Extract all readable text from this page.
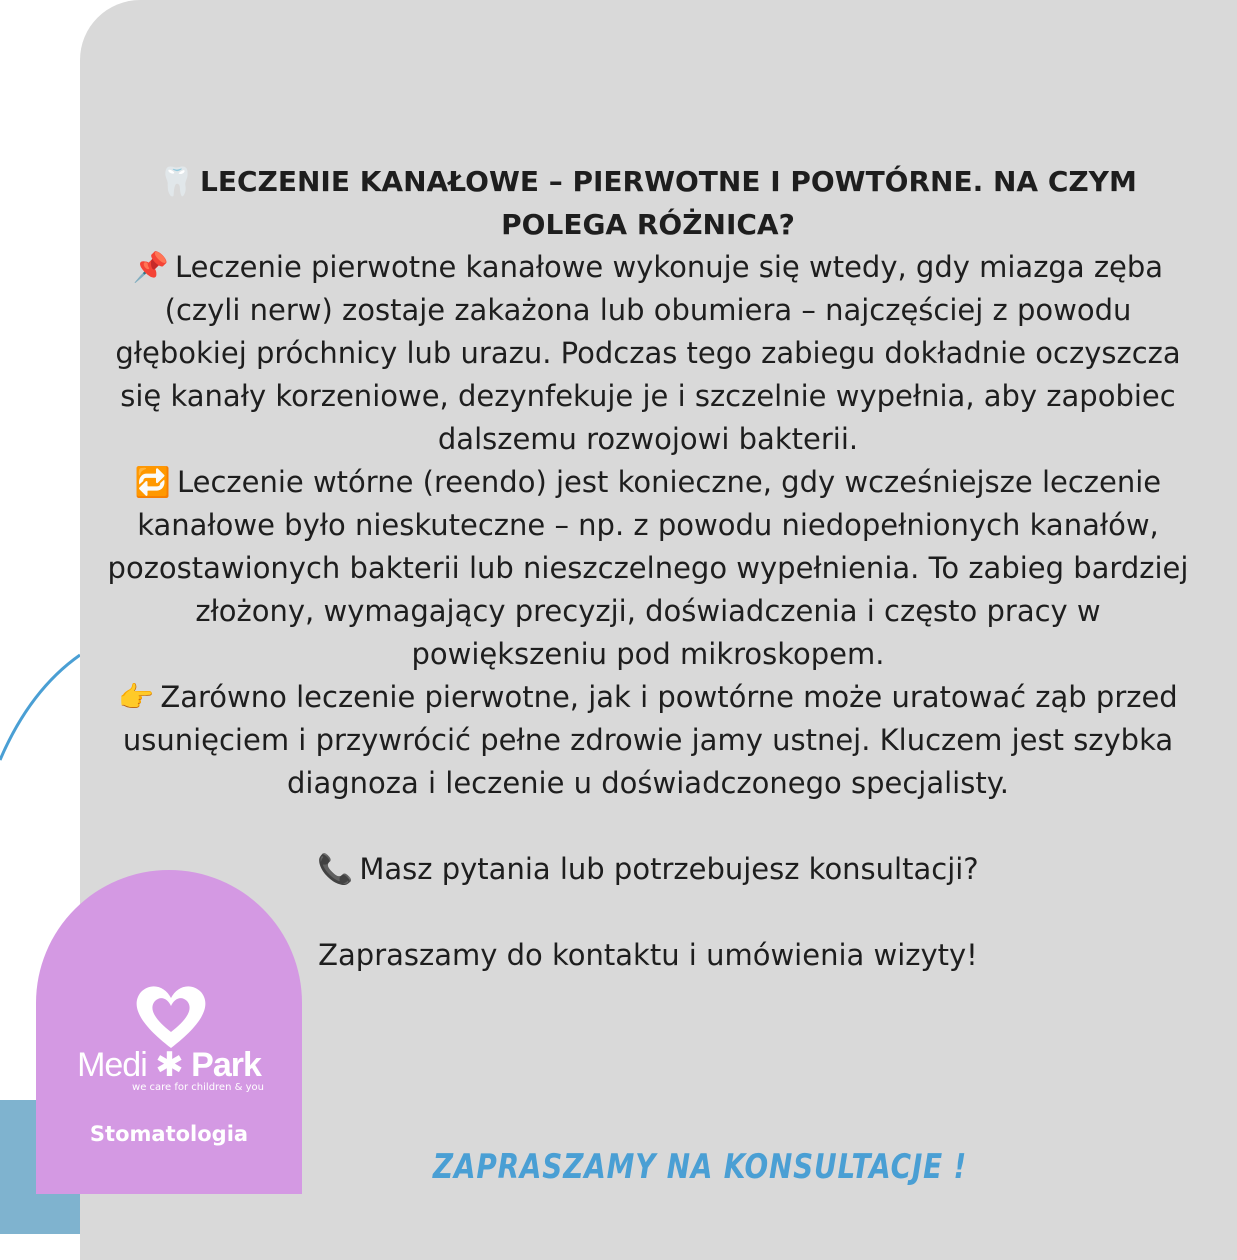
🦷 LECZENIE KANAŁOWE – PIERWOTNE I POWTÓRNE. NA CZYM POLEGA RÓŻNICA?

📌 Leczenie pierwotne kanałowe wykonuje się wtedy, gdy miazga zęba (czyli nerw) zostaje zakażona lub obumiera – najczęściej z powodu głębokiej próchnicy lub urazu. Podczas tego zabiegu dokładnie oczyszcza się kanały korzeniowe, dezynfekuje je i szczelnie wypełnia, aby zapobiec dalszemu rozwojowi bakterii.

🔁 Leczenie wtórne (reendo) jest konieczne, gdy wcześniejsze leczenie kanałowe było nieskuteczne – np. z powodu niedopełnionych kanałów, pozostawionych bakterii lub nieszczelnego wypełnienia. To zabieg bardziej złożony, wymagający precyzji, doświadczenia i często pracy w powiększeniu pod mikroskopem.

👉 Zarówno leczenie pierwotne, jak i powtórne może uratować ząb przed usunięciem i przywrócić pełne zdrowie jamy ustnej. Kluczem jest szybka diagnoza i leczenie u doświadczonego specjalisty.

📞 Masz pytania lub potrzebujesz konsultacji?

Zapraszamy do kontaktu i umówienia wizyty!

Medi ✱ Park
we care for children & you
Stomatologia
ZAPRASZAMY NA KONSULTACJE !
